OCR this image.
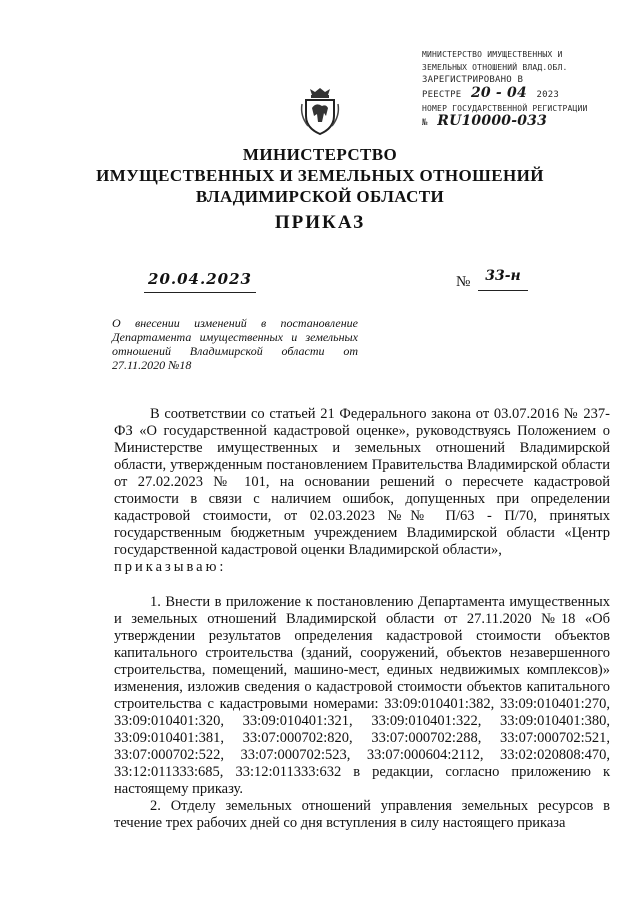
МИНИСТЕРСТВО ИМУЩЕСТВЕННЫХ И
ЗЕМЕЛЬНЫХ ОТНОШЕНИЙ ВЛАД.ОБЛ.
ЗАРЕГИСТРИРОВАНО В
РЕЕСТРЕ 20 - 04 2023
НОМЕР ГОСУДАРСТВЕННОЙ РЕГИСТРАЦИИ
№ RU10000-033
МИНИСТЕРСТВО
ИМУЩЕСТВЕННЫХ И ЗЕМЕЛЬНЫХ ОТНОШЕНИЙ
ВЛАДИМИРСКОЙ ОБЛАСТИ
ПРИКАЗ
20.04.2023	№	33-н
О внесении изменений в постановление Департамента имущественных и земельных отношений Владимирской области от 27.11.2020 №18

В соответствии со статьей 21 Федерального закона от 03.07.2016 № 237-ФЗ «О государственной кадастровой оценке», руководствуясь Положением о Министерстве имущественных и земельных отношений Владимирской области, утвержденным постановлением Правительства Владимирской области от 27.02.2023 № 101, на основании решений о пересчете кадастровой стоимости в связи с наличием ошибок, допущенных при определении кадастровой стоимости, от 02.03.2023 №№ П/63 - П/70, принятых государственным бюджетным учреждением Владимирской области «Центр государственной кадастровой оценки Владимирской области»,

приказываю:

1. Внести в приложение к постановлению Департамента имущественных и земельных отношений Владимирской области от 27.11.2020 №18 «Об утверждении результатов определения кадастровой стоимости объектов капитального строительства (зданий, сооружений, объектов незавершенного строительства, помещений, машино-мест, единых недвижимых комплексов)» изменения, изложив сведения о кадастровой стоимости объектов капитального строительства с кадастровыми номерами: 33:09:010401:382, 33:09:010401:270, 33:09:010401:320, 33:09:010401:321, 33:09:010401:322, 33:09:010401:380, 33:09:010401:381, 33:07:000702:820, 33:07:000702:288, 33:07:000702:521, 33:07:000702:522, 33:07:000702:523, 33:07:000604:2112, 33:02:020808:470, 33:12:011333:685, 33:12:011333:632 в редакции, согласно приложению к настоящему приказу.

2. Отделу земельных отношений управления земельных ресурсов в течение трех рабочих дней со дня вступления в силу настоящего приказа
